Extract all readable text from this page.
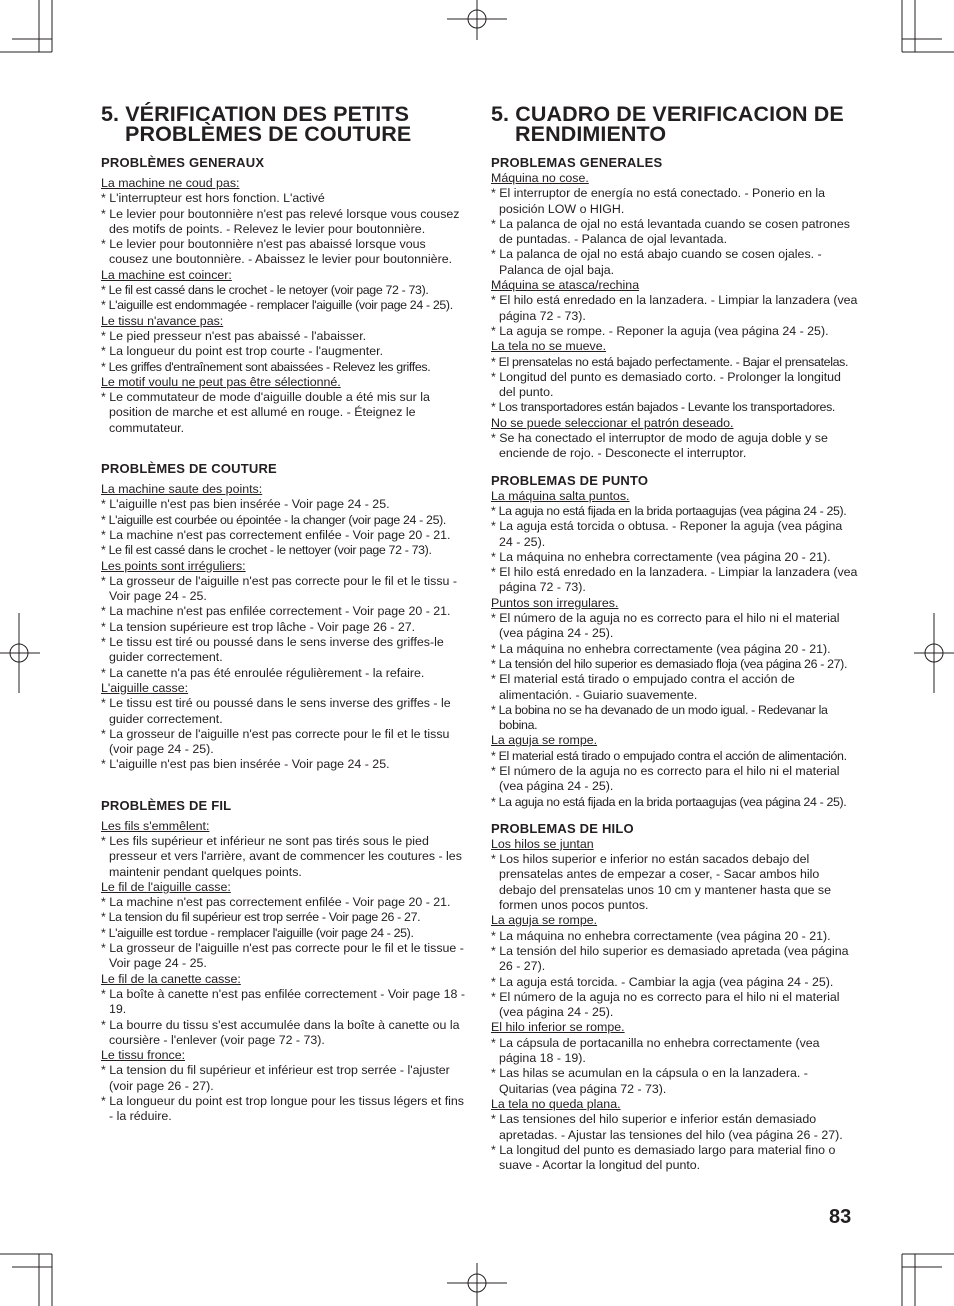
5. VÉRIFICATION DES PETITS
PROBLÈMES DE COUTURE
PROBLÈMES GENERAUX
La machine ne coud pas:
* L'interrupteur est hors fonction. L'activé
* Le levier pour boutonnière n'est pas relevé lorsque vous cousez des motifs de points. - Relevez le levier pour boutonnière.
* Le levier pour boutonnière n'est pas abaissé lorsque vous cousez une boutonnière. - Abaissez le levier pour boutonnière.
La machine est coincer:
* Le fil est cassé dans le crochet - le netoyer (voir page 72 - 73).
* L'aiguille est endommagée - remplacer l'aiguille (voir page 24 - 25).
Le tissu n'avance pas:
* Le pied presseur n'est pas abaissé - l'abaisser.
* La longueur du point est trop courte - l'augmenter.
* Les griffes d'entraînement sont abaissées - Relevez les griffes.
Le motif voulu ne peut pas être sélectionné.
* Le commutateur de mode d'aiguille double a été mis sur la position de marche et est allumé en rouge. - Éteignez le commutateur.
PROBLÈMES DE COUTURE
La machine saute des points:
* L'aiguille n'est pas bien insérée - Voir page 24 - 25.
* L'aiguille est courbée ou épointée - la changer (voir page 24 - 25).
* La machine n'est pas correctement enfilée - Voir page 20 - 21.
* Le fil est cassé dans le crochet - le nettoyer (voir page 72 - 73).
Les points sont irréguliers:
* La grosseur de l'aiguille n'est pas correcte pour le fil et le tissu - Voir page 24 - 25.
* La machine n'est pas enfilée correctement - Voir page 20 - 21.
* La tension supérieure est trop lâche - Voir page 26 - 27.
* Le tissu est tiré ou poussé dans le sens inverse des griffes-le guider correctement.
* La canette n'a pas été enroulée régulièrement - la refaire.
L'aiguille casse:
* Le tissu est tiré ou poussé dans le sens inverse des griffes - le guider correctement.
* La grosseur de l'aiguille n'est pas correcte pour le fil et le tissu (voir page 24 - 25).
* L'aiguille n'est pas bien insérée - Voir page 24 - 25.
PROBLÈMES DE FIL
Les fils s'emmêlent:
* Les fils supérieur et inférieur ne sont pas tirés sous le pied presseur et vers l'arrière, avant de commencer les coutures - les maintenir pendant quelques points.
Le fil de l'aiguille casse:
* La machine n'est pas correctement enfilée - Voir page 20 - 21.
* La tension du fil supérieur est trop serrée - Voir page 26 - 27.
* L'aiguille est tordue - remplacer l'aiguille (voir page 24 - 25).
* La grosseur de l'aiguille n'est pas correcte pour le fil et le tissue - Voir page 24 - 25.
Le fil de la canette casse:
* La boîte à canette n'est pas enfilée correctement - Voir page 18 - 19.
* La bourre du tissu s'est accumulée dans la boîte à canette ou la coursière - l'enlever (voir page 72 - 73).
Le tissu fronce:
* La tension du fil supérieur et inférieur est trop serrée - l'ajuster (voir page 26 - 27).
* La longueur du point est trop longue pour les tissus légers et fins - la réduire.
5. CUADRO DE VERIFICACION DE
RENDIMIENTO
PROBLEMAS GENERALES
Máquina no cose.
* El interruptor de energía no está conectado. - Ponerio en la posición LOW o HIGH.
* La palanca de ojal no está levantada cuando se cosen patrones de puntadas. - Palanca de ojal levantada.
* La palanca de ojal no está abajo cuando se cosen ojales. - Palanca de ojal baja.
Máquina se atasca/rechina
* El hilo está enredado en la lanzadera. - Limpiar la lanzadera (vea página 72 - 73).
* La aguja se rompe. - Reponer la aguja (vea página 24 - 25).
La tela no se mueve.
* El prensatelas no está bajado perfectamente. - Bajar el prensatelas.
* Longitud del punto es demasiado corto. - Prolonger la longitud del punto.
* Los transportadores están bajados - Levante los transportadores.
No se puede seleccionar el patrón deseado.
* Se ha conectado el interruptor de modo de aguja doble y se enciende de rojo. - Desconecte el interruptor.
PROBLEMAS DE PUNTO
La máquina salta puntos.
* La aguja no está fijada en la brida portaagujas (vea página 24 - 25).
* La aguja está torcida o obtusa. - Reponer la aguja (vea página 24 - 25).
* La máquina no enhebra correctamente (vea página 20 - 21).
* El hilo está enredado en la lanzadera. - Limpiar la lanzadera (vea página 72 - 73).
Puntos son irregulares.
* El número de la aguja no es correcto para el hilo ni el material (vea página 24 - 25).
* La máquina no enhebra correctamente (vea página 20 - 21).
* La tensión del hilo superior es demasiado floja (vea página 26 - 27).
* El material está tirado o empujado contra el acción de alimentación. - Guiario suavemente.
* La bobina no se ha devanado de un modo igual. - Redevanar la bobina.
La aguja se rompe.
* El material está tirado o empujado contra el acción de alimentación.
* El número de la aguja no es correcto para el hilo ni el material (vea página 24 - 25).
* La aguja no está fijada en la brida portaagujas (vea página 24 - 25).
PROBLEMAS DE HILO
Los hilos se juntan
* Los hilos superior e inferior no están sacados debajo del prensatelas antes de empezar a coser, - Sacar ambos hilo debajo del prensatelas unos 10 cm y mantener hasta que se formen unos pocos puntos.
La aguja se rompe.
* La máquina no enhebra correctamente (vea página 20 - 21).
* La tensión del hilo superior es demasiado apretada (vea página 26 - 27).
* La aguja está torcida. - Cambiar la agja (vea página 24 - 25).
* El número de la aguja no es correcto para el hilo ni el material (vea página 24 - 25).
El hilo inferior se rompe.
* La cápsula de portacanilla no enhebra correctamente (vea página 18 - 19).
* Las hilas se acumulan en la cápsula o en la lanzadera. - Quitarias (vea página 72 - 73).
La tela no queda plana.
* Las tensiones del hilo superior e inferior están demasiado apretadas. - Ajustar las tensiones del hilo (vea página 26 - 27).
* La longitud del punto es demasiado largo para material fino o suave - Acortar la longitud del punto.
83
